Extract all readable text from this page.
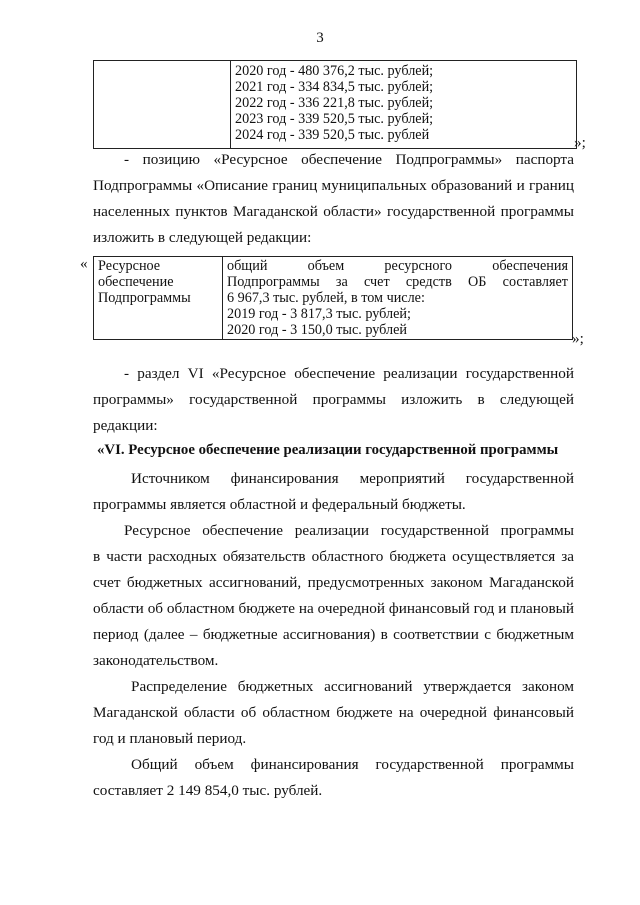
3

2020 год - 480 376,2 тыс. рублей;
2021 год - 334 834,5 тыс. рублей;
2022 год - 336 221,8 тыс. рублей;
2023 год - 339 520,5 тыс. рублей;
2024 год - 339 520,5 тыс. рублей	»;
- позицию «Ресурсное обеспечение Подпрограммы» паспорта
Подпрограммы «Описание границ муниципальных образований и границ
населенных пунктов Магаданской области» государственной программы
изложить в следующей редакции:
« Ресурсное обеспечение Подпрограммы	
общий объем ресурсного обеспечения
Подпрограммы за счет средств ОБ составляет
6 967,3 тыс. рублей, в том числе:
2019 год - 3 817,3 тыс. рублей;
2020 год - 3 150,0 тыс. рублей	»;
- раздел VI «Ресурсное обеспечение реализации государственной
программы» государственной программы изложить в следующей
редакции:
«VI. Ресурсное обеспечение реализации государственной программы
Источником финансирования мероприятий государственной
программы является областной и федеральный бюджеты.
Ресурсное обеспечение реализации государственной программы
в части расходных обязательств областного бюджета осуществляется за
счет бюджетных ассигнований, предусмотренных законом Магаданской
области об областном бюджете на очередной финансовый год и плановый
период (далее – бюджетные ассигнования) в соответствии с бюджетным
законодательством.
Распределение бюджетных ассигнований утверждается законом
Магаданской области об областном бюджете на очередной финансовый
год и плановый период.
Общий объем финансирования государственной программы
составляет 2 149 854,0 тыс. рублей.
